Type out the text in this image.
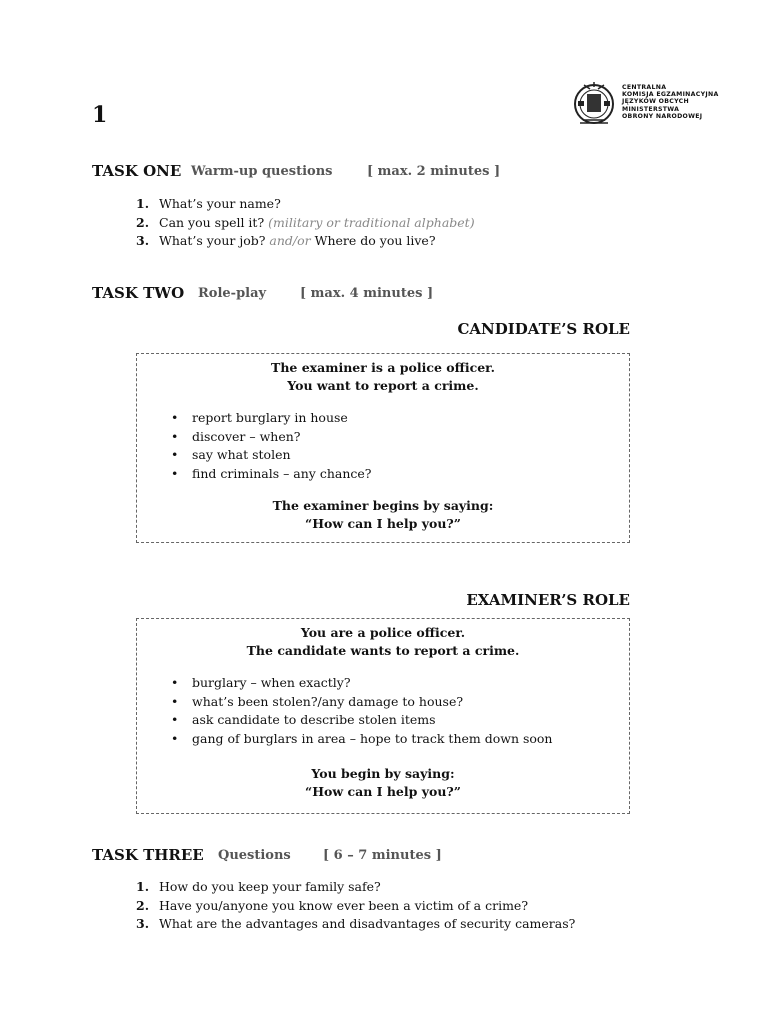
1
CENTRALNA
KOMISJA EGZAMINACYJNA
JĘZYKÓW OBCYCH
MINISTERSTWA
OBRONY NARODOWEJ
TASK ONE Warm-up questions	[ max. 2 minutes ]
1. What’s your name?
2. Can you spell it? (military or traditional alphabet)
3. What’s your job? and/or Where do you live?
TASK TWO Role-play	[ max. 4 minutes ]
CANDIDATE’S ROLE
The examiner is a police officer.
You want to report a crime.
• report burglary in house
• discover – when?
• say what stolen
• find criminals – any chance?
The examiner begins by saying:
“How can I help you?”
EXAMINER’S ROLE
You are a police officer.
The candidate wants to report a crime.
• burglary – when exactly?
• what’s been stolen?/any damage to house?
• ask candidate to describe stolen items
• gang of burglars in area – hope to track them down soon
You begin by saying:
“How can I help you?”
TASK THREE Questions [ 6 – 7 minutes ]
1. How do you keep your family safe?
2. Have you/anyone you know ever been a victim of a crime?
3. What are the advantages and disadvantages of security cameras?
